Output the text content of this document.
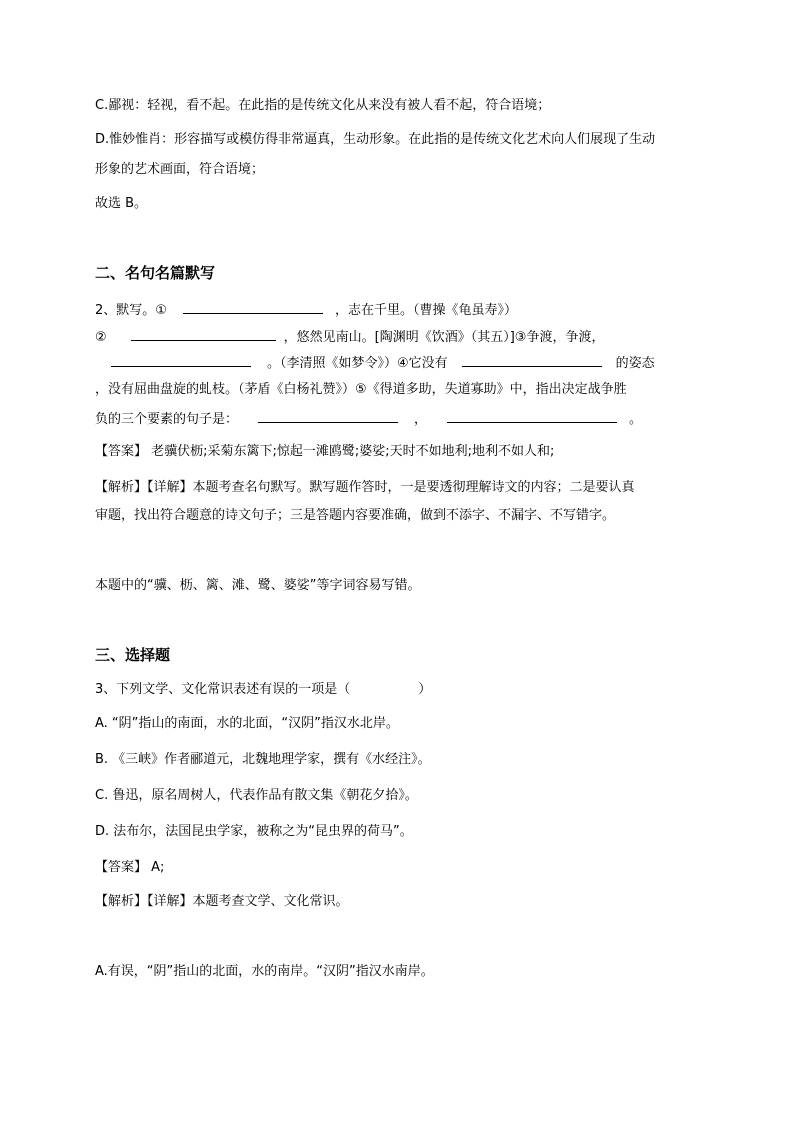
C.鄙视：轻视，看不起。在此指的是传统文化从来没有被人看不起，符合语境；
D.惟妙惟肖：形容描写或模仿得非常逼真，生动形象。在此指的是传统文化艺术向人们展现了生动
形象的艺术画面，符合语境；
故选 B。
二、名句名篇默写
2、默写。①	，志在千里。（曹操《龟虽寿》）
②	，悠然见南山。[陶渊明《饮酒》（其五）]③争渡，争渡，
。（李清照《如梦令》）④它没有	的姿态
，没有屈曲盘旋的虬枝。（茅盾《白杨礼赞》）⑤《得道多助，失道寡助》中，指出决定战争胜
负的三个要素的句子是：	，	。
【答案】 老骥伏枥;采菊东篱下;惊起一滩鸥鹭;婆娑;天时不如地利;地利不如人和;
【解析】【详解】本题考查名句默写。默写题作答时，一是要透彻理解诗文的内容；二是要认真
审题，找出符合题意的诗文句子；三是答题内容要准确，做到不添字、不漏字、不写错字。
本题中的“骥、枥、篱、滩、鹭、婆娑”等字词容易写错。
三、选择题
3、下列文学、文化常识表述有误的一项是（	）
A. “阴”指山的南面，水的北面，“汉阴”指汉水北岸。
B. 《三峡》作者郦道元，北魏地理学家，撰有《水经注》。
C. 鲁迅，原名周树人，代表作品有散文集《朝花夕拾》。
D. 法布尔，法国昆虫学家，被称之为“昆虫界的荷马”。
【答案】 A;
【解析】【详解】本题考查文学、文化常识。
A.有误，“阴”指山的北面，水的南岸。“汉阴”指汉水南岸。
